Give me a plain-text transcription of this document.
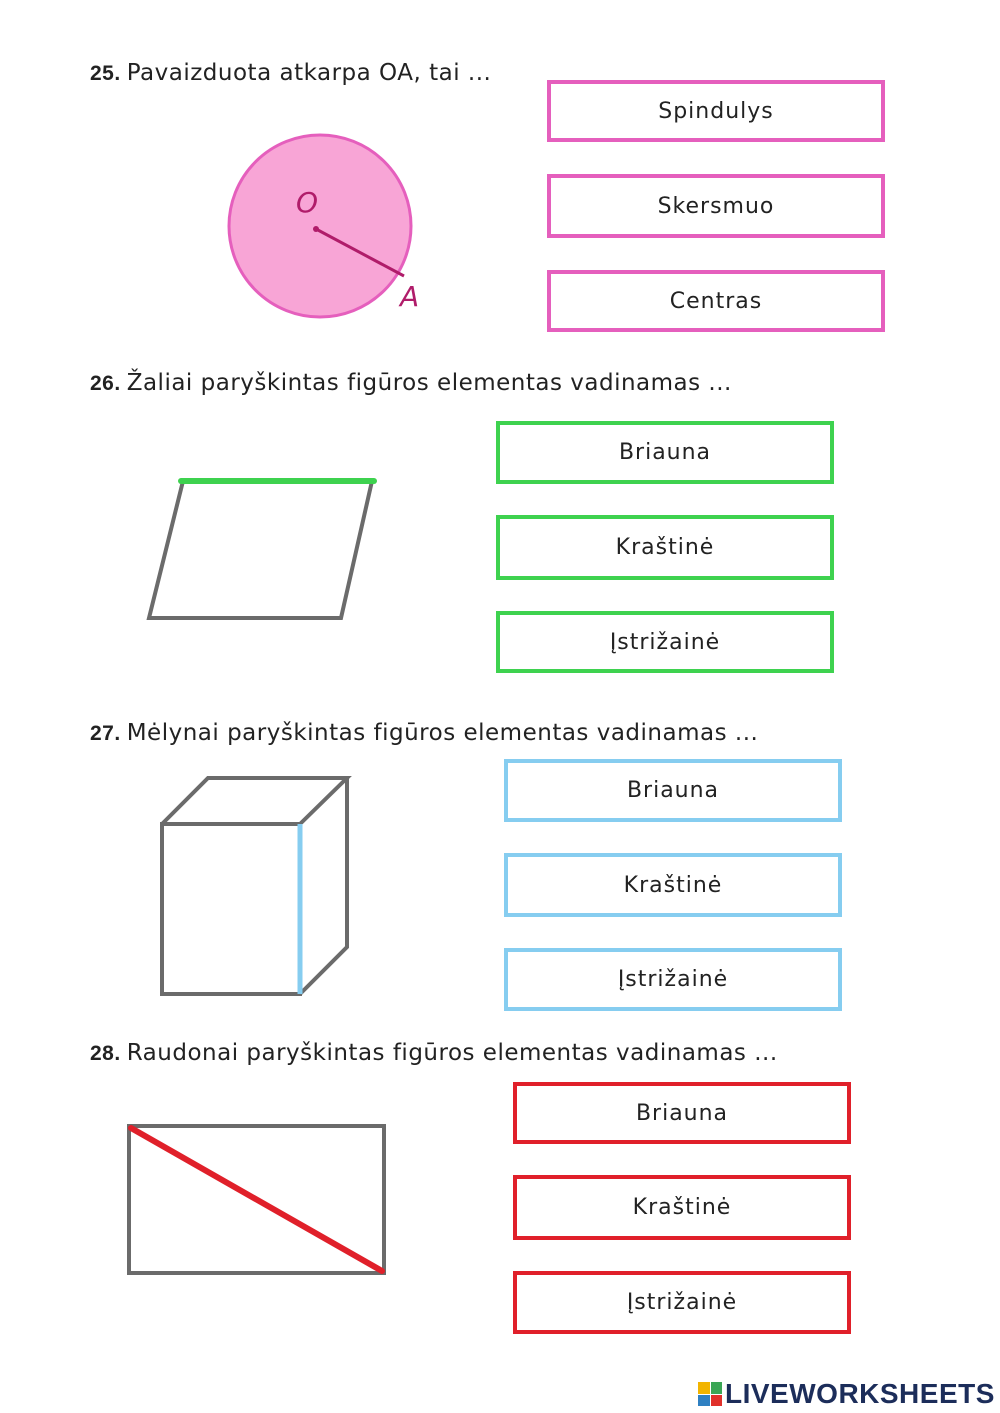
25. Pavaizduota atkarpa OA, tai ...
O
A
Spindulys
Skersmuo
Centras
26. Žaliai paryškintas figūros elementas vadinamas ...
Briauna
Kraštinė
Įstrižainė
27. Mėlynai paryškintas figūros elementas vadinamas ...
Briauna
Kraštinė
Įstrižainė
28. Raudonai paryškintas figūros elementas vadinamas ...
Briauna
Kraštinė
Įstrižainė
LIVEWORKSHEETS
